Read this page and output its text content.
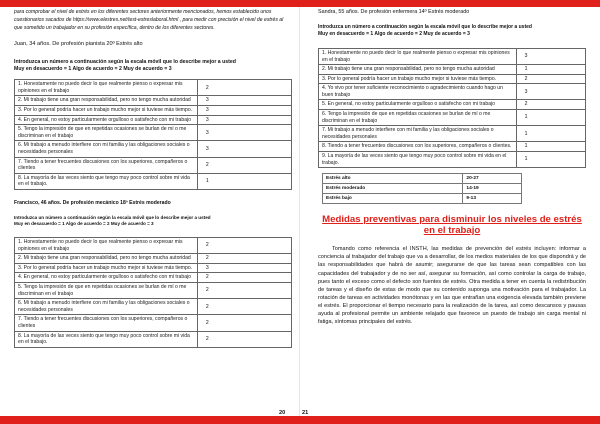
para comprobar el nivel de estrés en los diferentes sectores anteriormente mencionados, hemos establecido unos cuestionarios sacados de https://www.elestres.net/test-estreslaboral.html , para medir con precisión el nivel de estrés al que sometido un trabajador en su profesión específica, dentro de los diferentes sectores.

Juan, 34 años. De profesión pianista 20º Estrés alto

Introduzca un número a continuación según la escala móvil que lo describe mejor a usted
Muy en desacuerdo = 1 Algo de acuerdo = 2 Muy de acuerdo = 3

1. Honestamente no puedo decir lo que realmente pienso o expresar mis opiniones en el trabajo	2
2. Mi trabajo tiene una gran responsabilidad, pero no tengo mucha autoridad	3
3. Por lo general podría hacer un trabajo mucho mejor si tuviese más tiempo.	3
4. En general, no estoy particularmente orgulloso o satisfecho con mi trabajo	3
5. Tengo la impresión de que en repetidas ocasiones se burlan de mí o me discriminan en el trabajo	3
6. Mi trabajo a menudo interfiere con mi familia y las obligaciones sociales o necesidades personales	3
7. Tiendo a tener frecuentes discusiones con los superiores, compañeros o clientes	2
8. La mayoría de las veces siento que tengo muy poco control sobre mi vida en el trabajo.	1

Francisco, 46 años. De profesión mecánico 18º Estrés moderado

Introduzca un número a continuación según la escala móvil que lo describe mejor a usted
Muy en desacuerdo = 1 Algo de acuerdo = 2 Muy de acuerdo = 3

1. Honestamente no puedo decir lo que realmente pienso o expresar mis opiniones en el trabajo	2
2. Mi trabajo tiene una gran responsabilidad, pero no tengo mucha autoridad	2
3. Por lo general podría hacer un trabajo mucho mejor si tuviese más tiempo.	3
4. En general, no estoy particularmente orgulloso o satisfecho con mi trabajo	2
5. Tengo la impresión de que en repetidas ocasiones se burlan de mí o me discriminan en el trabajo	2
6. Mi trabajo a menudo interfiere con mi familia y las obligaciones sociales o necesidades personales	2
7. Tiendo a tener frecuentes discusiones con los superiores, compañeros o clientes	2
8. La mayoría de las veces siento que tengo muy poco control sobre mi vida en el trabajo.	2

Sandra, 55 años. De profesión enfermera 14º Estrés moderado

Introduzca un número a continuación según la escala móvil que lo describe mejor a usted
Muy en desacuerdo = 1 Algo de acuerdo = 2 Muy de acuerdo = 3

1. Honestamente no puedo decir lo que realmente pienso o expresar mis opiniones en el trabajo	3
2. Mi trabajo tiene una gran responsabilidad, pero no tengo mucha autoridad	1
3. Por lo general podría hacer un trabajo mucho mejor si tuviese más tiempo.	2
4. Yo vivo por tener suficiente reconocimiento o agradecimiento cuando hago un buen trabajo	3
5. En general, no estoy particularmente orgulloso o satisfecho con mi trabajo	2
6. Tengo la impresión de que en repetidas ocasiones se burlan de mí o me discriminan en el trabajo	1
7. Mi trabajo a menudo interfiere con mi familia y las obligaciones sociales o necesidades personales	1
8. Tiendo a tener frecuentes discusiones con los superiores, compañeros o clientes.	1
9. La mayoría de las veces siento que tengo muy poco control sobre mi vida en el trabajo.	1
Estrés alto	20-27
Estrés moderado	14-19
Estrés bajo	9-13
Medidas preventivas para disminuir los niveles de estrés en el trabajo

Tomando como referencia el INSTH, las medidas de prevención del estrés incluyen: informar a conciencia al trabajador del trabajo que va a desarrollar, de los medios materiales de los que dispondrá y de las responsabilidades que habrá de asumir; asegurarse de que las tareas sean compatibles con las capacidades del trabajador y de no ser así, asegurar su formación, así como controlar la carga de trabajo, pues tanto el exceso como el defecto son fuentes de estrés. Otra medida a tener en cuenta la redistribución de tareas y el diseño de estas de modo que su contenido suponga una motivación para el trabajador. La rotación de tareas en actividades monótonas y en las que entrañan una exigencia elevada también previene el estrés. El proporcionar el tiempo necesario para la realización de la tarea, así como descansos y pausas ayuda al profesional permite un ambiente relajado que favorece un puesto de trabajo sin carga mental ni fatiga, síntomas principales del estrés.

20	21
